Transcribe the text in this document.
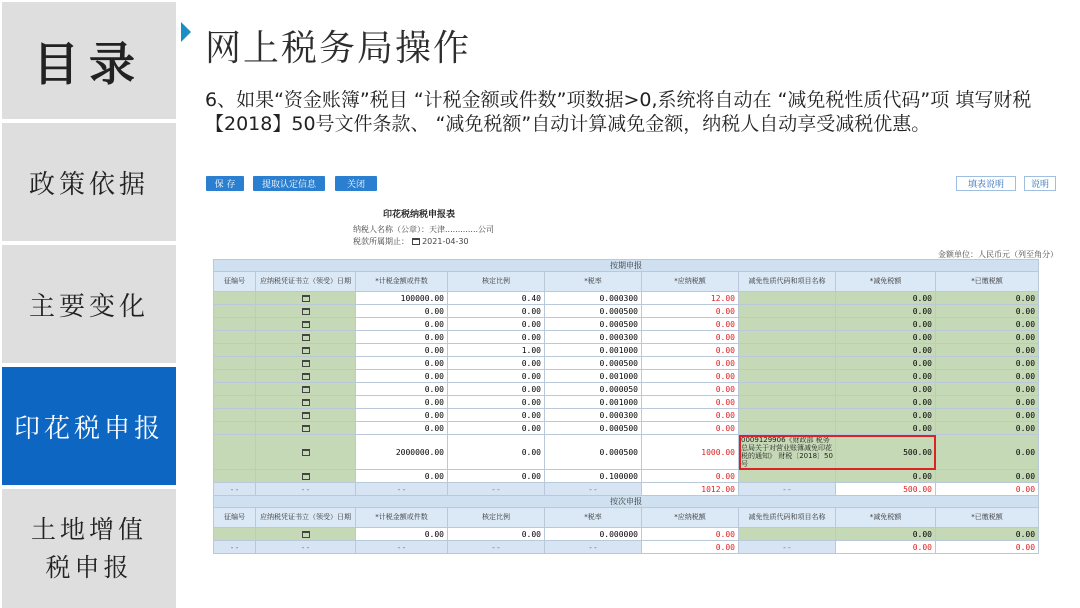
目录
政策依据
主要变化
印花税申报
土地增值税申报
网上税务局操作
6、如果“资金账簿”税目 “计税金额或件数”项数据>0,系统将自动在 “减免税性质代码”项 填写财税【2018】50号文件条款、 “减免税额”自动计算减免金额，纳税人自动享受减税优惠。
保 存	提取认定信息	关闭	填表说明	说明
印花税纳税申报表
纳税人名称（公章）：天津.............公司
税款所属期止： 2021-04-30
金额单位：人民币元（列至角分）
按期申报								
征编号	应纳税凭证书立（领受）日期	*计税金额或件数	核定比例	*税率	*应纳税额	减免性质代码和项目名称	*减免税额	*已缴税额
		100000.00	0.40	0.000300	12.00		0.00	0.00
		0.00	0.00	0.000500	0.00		0.00	0.00
		0.00	0.00	0.000500	0.00		0.00	0.00
		0.00	0.00	0.000300	0.00		0.00	0.00
		0.00	1.00	0.001000	0.00		0.00	0.00
		0.00	0.00	0.000500	0.00		0.00	0.00
		0.00	0.00	0.001000	0.00		0.00	0.00
		0.00	0.00	0.000050	0.00		0.00	0.00
		0.00	0.00	0.001000	0.00		0.00	0.00
		0.00	0.00	0.000300	0.00		0.00	0.00
		0.00	0.00	0.000500	0.00		0.00	0.00
		2000000.00	0.00	0.000500	1000.00	0009129906《财政部 税务总局关于对营业账簿减免印花税的通知》 财税〔2018〕50号	500.00	0.00
		0.00	0.00	0.100000	0.00		0.00	0.00
--	--	--	--	--	1012.00	--	500.00	0.00
按次申报								
征编号	应纳税凭证书立（领受）日期	*计税金额或件数	核定比例	*税率	*应纳税额	减免性质代码和项目名称	*减免税额	*已缴税额
		0.00	0.00	0.000000	0.00		0.00	0.00
--	--	--	--	--	0.00	--	0.00	0.00
